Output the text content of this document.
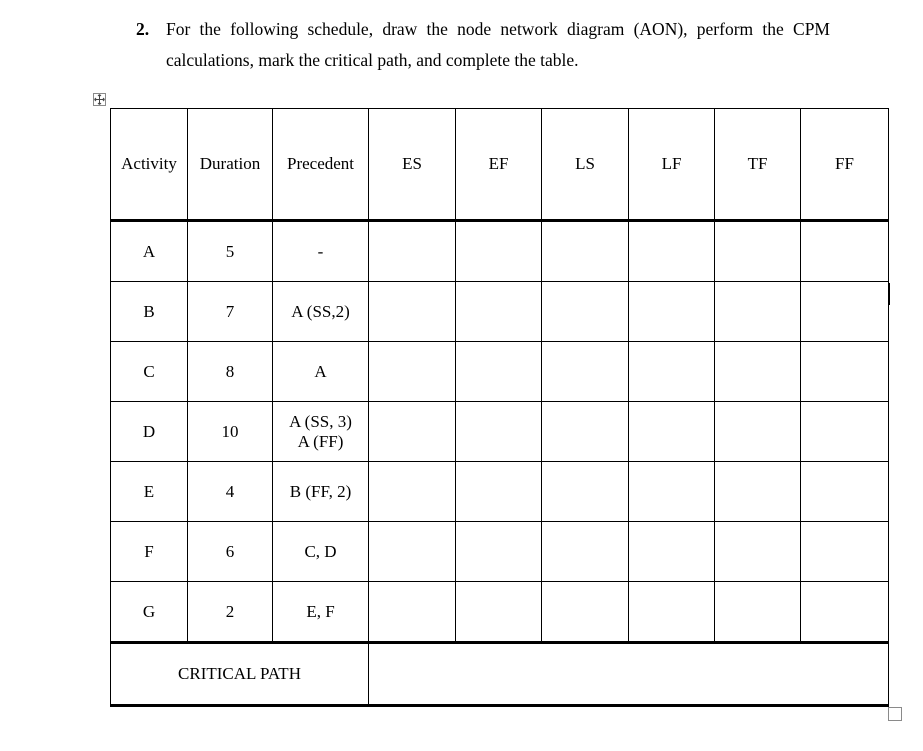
2. For the following schedule, draw the node network diagram (AON), perform the CPM
calculations, mark the critical path, and complete the table.
Activity	Duration	Precedent	ES	EF	LS	LF	TF	FF
A	5	-						
B	7	A (SS,2)						
C	8	A						
D	10	A (SS, 3)
A (FF)						

E	4	B (FF, 2)						
F	6	C, D						
G	2	E, F						
CRITICAL PATH								
